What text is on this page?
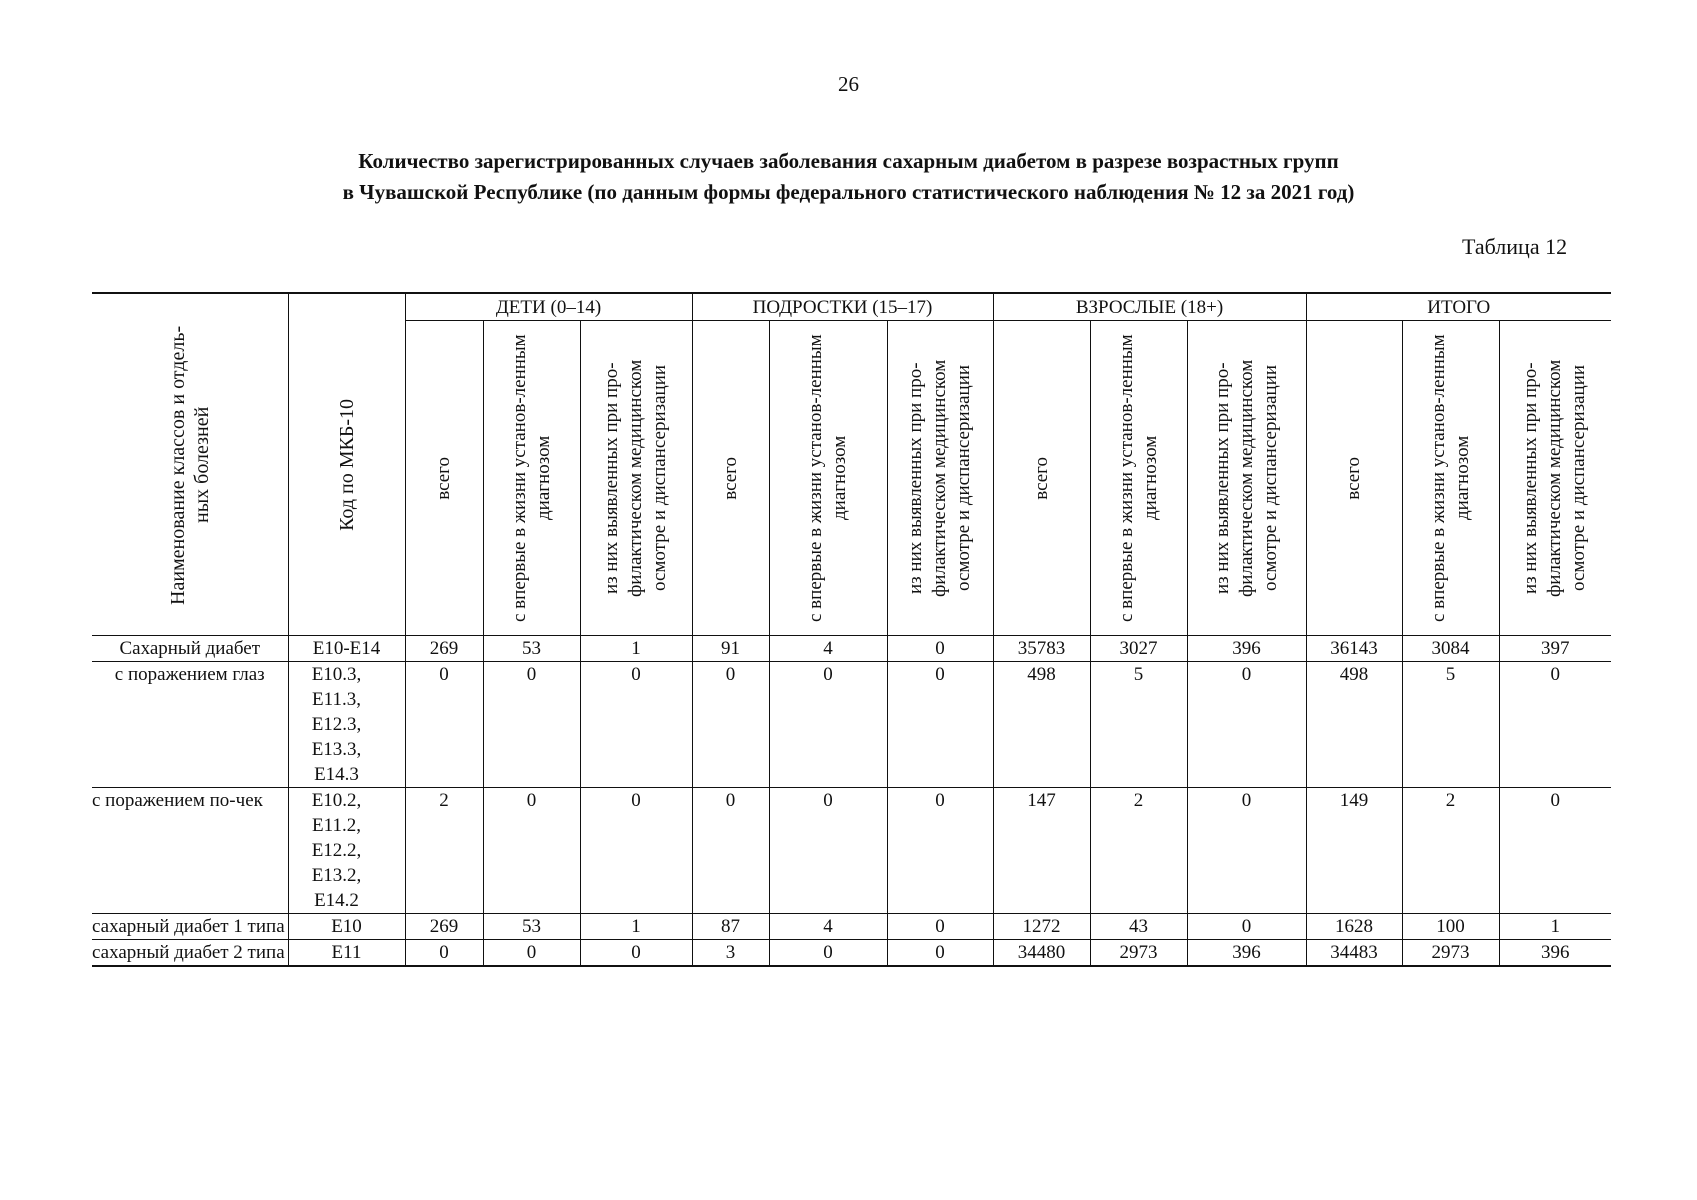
26
Количество зарегистрированных случаев заболевания сахарным диабетом в разрезе возрастных групп
в Чувашской Республике (по данным формы федерального статистического наблюдения № 12 за 2021 год)
Таблица 12
Наименование классов и отдель-ных болезней	Код по МКБ-10	ДЕТИ (0–14)			ПОДРОСТКИ (15–17)			ВЗРОСЛЫЕ (18+)			ИТОГО		

		всего	с впервые в жизни установ-ленным диагнозом	из них выявленных при про-филактическом медицинском осмотре и диспансеризации	всего	с впервые в жизни установ-ленным диагнозом	из них выявленных при про-филактическом медицинском осмотре и диспансеризации	всего	с впервые в жизни установ-ленным диагнозом	из них выявленных при про-филактическом медицинском осмотре и диспансеризации	всего	с впервые в жизни установ-ленным диагнозом	из них выявленных при про-филактическом медицинском осмотре и диспансеризации

Сахарный диабет	E10-E14	269	53	1	91	4	0	35783	3027	396	36143	3084	397
с поражением глаз	E10.3, E11.3, E12.3, E13.3, E14.3	0	0	0	0	0	0	498	5	0	498	5	0
с поражением по-чек	E10.2, E11.2, E12.2, E13.2, E14.2	2	0	0	0	0	0	147	2	0	149	2	0
сахарный диабет 1 типа	E10	269	53	1	87	4	0	1272	43	0	1628	100	1
сахарный диабет 2 типа	E11	0	0	0	3	0	0	34480	2973	396	34483	2973	396
